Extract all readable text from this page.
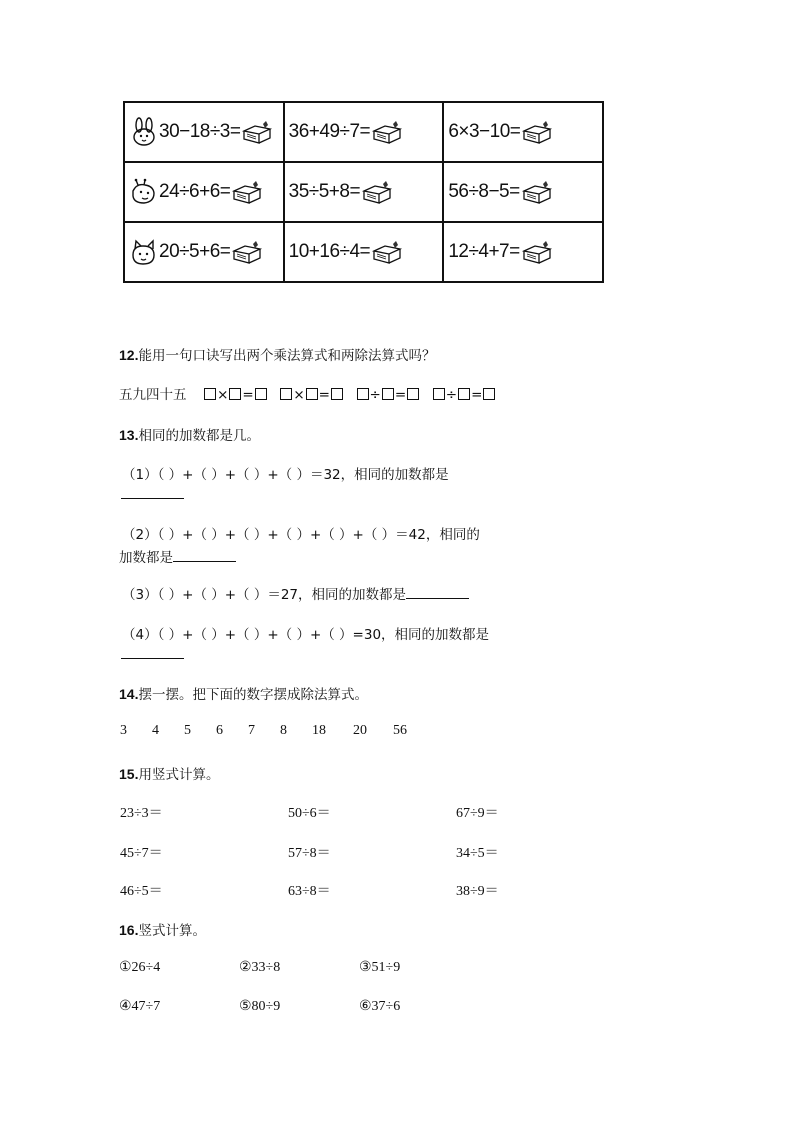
30−18÷3=	36+49÷7=	6×3−10=

24÷6+6=	35÷5+8=	56÷8−5=

20÷5+6=	10+16÷4=	12÷4+7=
12.能用一句口诀写出两个乘法算式和两除法算式吗？
五九四十五 × =	× =	÷ =	÷ =
13.相同的加数都是几。
（1）（ ）+（ ）+（ ）+（ ）＝32，相同的加数都是
（2）（ ）+（ ）+（ ）+（ ）+（ ）+（ ）＝42，相同的
加数都是
（3）（ ）+（ ）+（ ）＝27，相同的加数都是
（4）（ ）+（ ）+（ ）+（ ）+（ ）=30，相同的加数都是
14.摆一摆。把下面的数字摆成除法算式。
3 4 5 6 7 8 18 20 56
15.用竖式计算。
23÷3＝	50÷6＝	67÷9＝
45÷7＝	57÷8＝	34÷5＝
46÷5＝	63÷8＝	38÷9＝
16.竖式计算。
①26÷4	②33÷8	③51÷9
④47÷7	⑤80÷9	⑥37÷6
